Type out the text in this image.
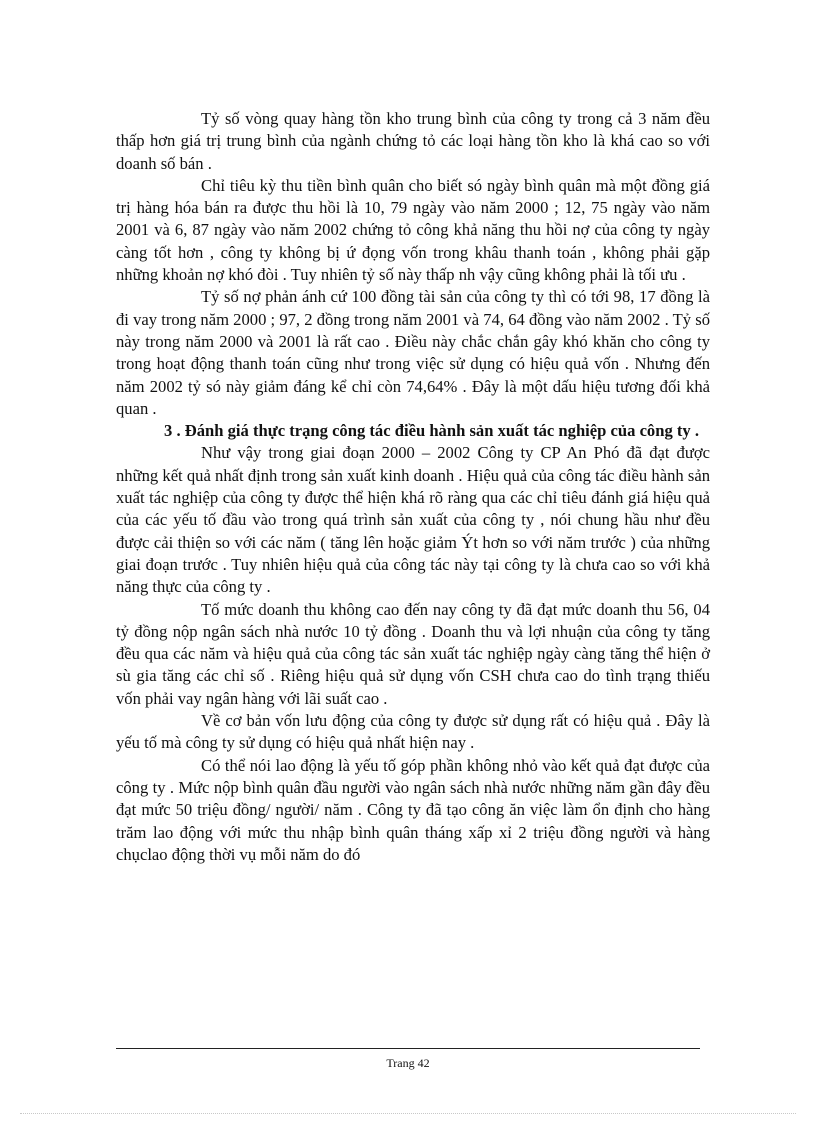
Tỷ số vòng quay hàng tồn kho trung bình của công ty trong cả 3 năm đều thấp hơn giá trị trung bình của ngành chứng tỏ các loại hàng tồn kho là khá cao so với doanh số bán .

Chỉ tiêu kỳ thu tiền bình quân cho biết só ngày bình quân mà một đồng giá trị hàng hóa bán ra được thu hồi là 10, 79 ngày vào năm 2000 ; 12, 75 ngày vào năm 2001 và 6, 87 ngày vào năm 2002 chứng tỏ công khả năng thu hồi nợ của công ty ngày càng tốt hơn , công ty không bị ứ đọng vốn trong khâu thanh toán , không phải gặp những khoản nợ khó đòi . Tuy nhiên tỷ số này thấp nh vậy cũng không phải là tối ưu .

Tỷ số nợ phản ánh cứ 100 đồng tài sản của công ty thì có tới 98, 17 đồng là đi vay trong năm 2000 ; 97, 2 đồng trong năm 2001 và 74, 64 đồng vào năm 2002 . Tỷ số này trong năm 2000 và 2001 là rất cao . Điều này chắc chắn gây khó khăn cho công ty trong hoạt động thanh toán cũng như trong việc sử dụng có hiệu quả vốn . Nhưng đến năm 2002 tỷ só này giảm đáng kể chỉ còn 74,64% . Đây là một dấu hiệu tương đối khả quan .

3 . Đánh giá thực trạng công tác điều hành sản xuất tác nghiệp của công ty .

Như vậy trong giai đoạn 2000 – 2002 Công ty CP An Phó đã đạt được những kết quả nhất định trong sản xuất kinh doanh . Hiệu quả của công tác điều hành sản xuất tác nghiệp của công ty được thể hiện khá rõ ràng qua các chỉ tiêu đánh giá hiệu quả của các yếu tố đầu vào trong quá trình sản xuất của công ty , nói chung hầu như đều được cải thiện so với các năm ( tăng lên hoặc giảm Ýt hơn so với năm trước ) của những giai đoạn trước . Tuy nhiên hiệu quả của công tác này tại công ty là chưa cao so với khả năng thực của công ty .

Tố mức doanh thu không cao đến nay công ty đã đạt mức doanh thu 56, 04 tỷ đồng nộp ngân sách nhà nước 10 tỷ đồng . Doanh thu và lợi nhuận của công ty tăng đều qua các năm và hiệu quả của công tác sản xuất tác nghiệp ngày càng tăng thể hiện ở sù gia tăng các chỉ số . Riêng hiệu quả sử dụng vốn CSH chưa cao do tình trạng thiếu vốn phải vay ngân hàng với lãi suất cao .

Về cơ bản vốn lưu động của công ty được sử dụng rất có hiệu quả . Đây là yếu tố mà công ty sử dụng có hiệu quả nhất hiện nay .

Có thể nói lao động là yếu tố góp phần không nhỏ vào kết quả đạt được của công ty . Mức nộp bình quân đầu người vào ngân sách nhà nước những năm gần đây đều đạt mức 50 triệu đồng/ người/ năm . Công ty đã tạo công ăn việc làm ổn định cho hàng trăm lao động với mức thu nhập bình quân tháng xấp xỉ 2 triệu đồng người và hàng chụclao động thời vụ mỗi năm do đó

Trang 42
